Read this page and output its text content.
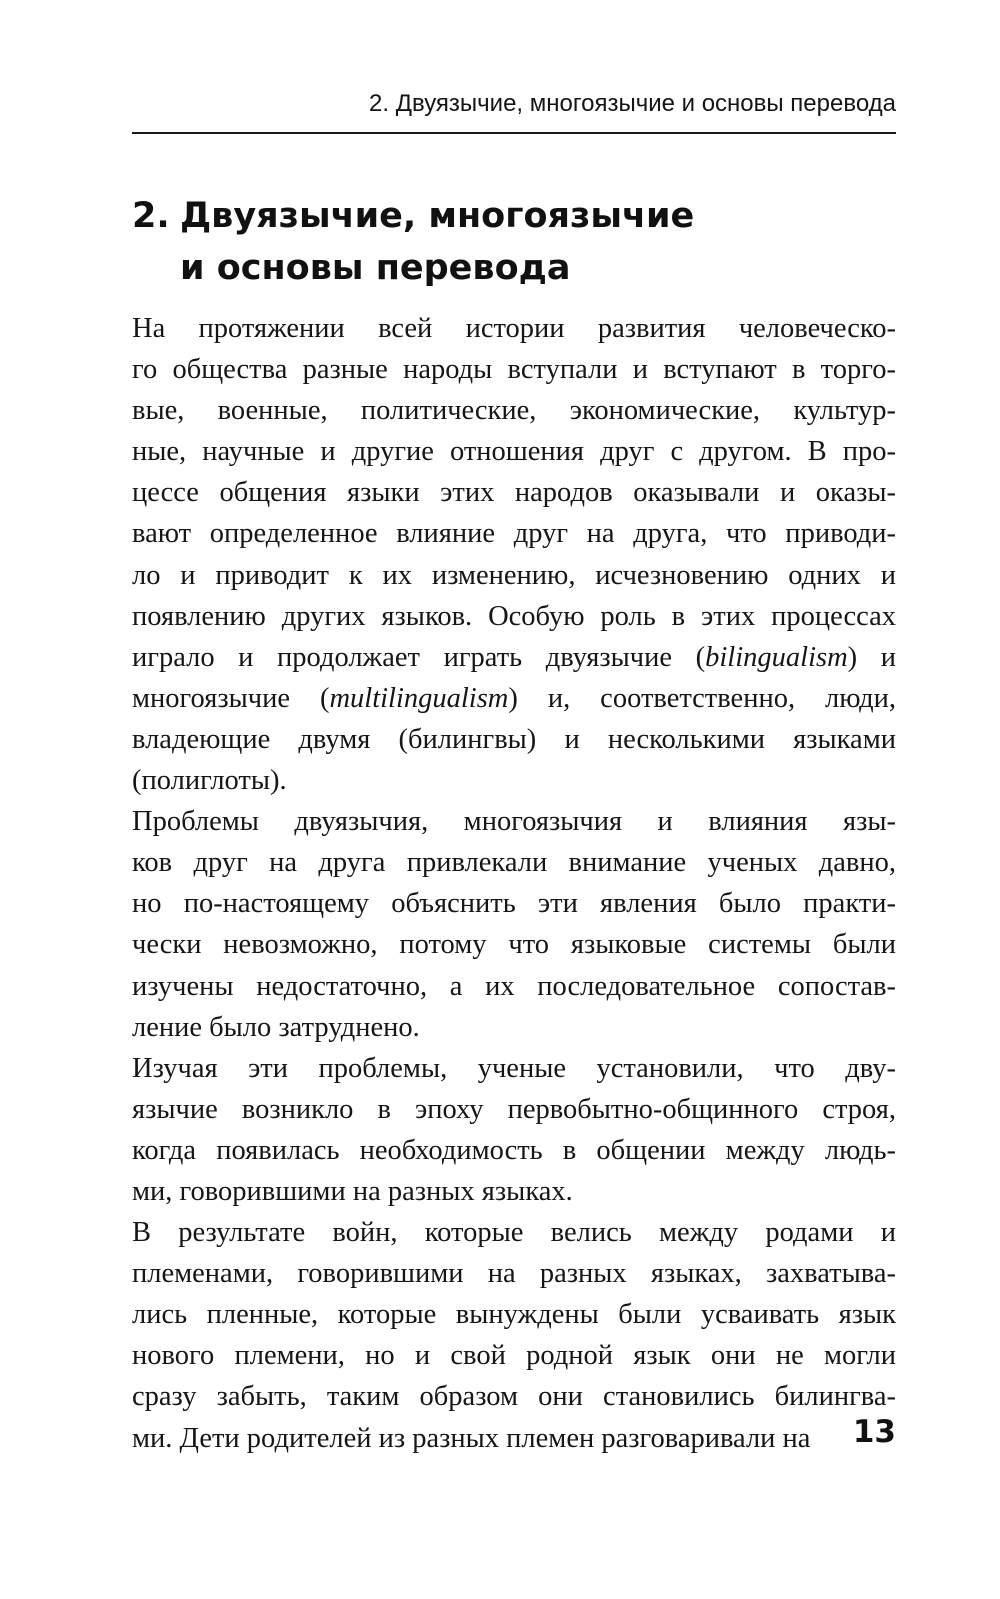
2. Двуязычие, многоязычие и основы перевода
2. Двуязычие, многоязычие
и основы перевода

На протяжении всей истории развития человеческо-
го общества разные народы вступали и вступают в торго-
вые, военные, политические, экономические, культур-
ные, научные и другие отношения друг с другом. В про-
цессе общения языки этих народов оказывали и оказы-
вают определенное влияние друг на друга, что приводи-
ло и приводит к их изменению, исчезновению одних и
появлению других языков. Особую роль в этих процессах
играло и продолжает играть двуязычие (bilingualism) и
многоязычие (multilingualism) и, соответственно, люди,
владеющие двумя (билингвы) и несколькими языками
(полиглоты).

Проблемы двуязычия, многоязычия и влияния язы-
ков друг на друга привлекали внимание ученых давно,
но по-настоящему объяснить эти явления было практи-
чески невозможно, потому что языковые системы были
изучены недостаточно, а их последовательное сопостав-
ление было затруднено.

Изучая эти проблемы, ученые установили, что дву-
язычие возникло в эпоху первобытно-общинного строя,
когда появилась необходимость в общении между людь-
ми, говорившими на разных языках.

В результате войн, которые велись между родами и
племенами, говорившими на разных языках, захватыва-
лись пленные, которые вынуждены были усваивать язык
нового племени, но и свой родной язык они не могли
сразу забыть, таким образом они становились билингва-
ми. Дети родителей из разных племен разговаривали на	13
